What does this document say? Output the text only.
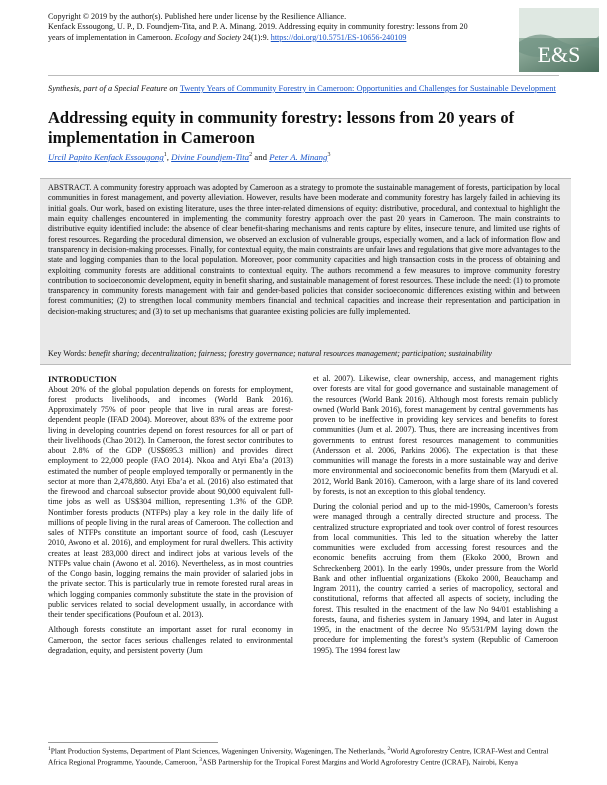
Copyright © 2019 by the author(s). Published here under license by the Resilience Alliance.
Kenfack Essougong, U. P., D. Foundjem-Tita, and P. A. Minang. 2019. Addressing equity in community forestry: lessons from 20
years of implementation in Cameroon. Ecology and Society 24(1):9. https://doi.org/10.5751/ES-10656-240109
E&S
Synthesis, part of a Special Feature on Twenty Years of Community Forestry in Cameroon: Opportunities and Challenges for Sustainable Development
Addressing equity in community forestry: lessons from 20 years of implementation in Cameroon
Urcil Papito Kenfack Essougong$^1$, Divine Foundjem-Tita$^2$ and Peter A. Minang$^3$

ABSTRACT. A community forestry approach was adopted by Cameroon as a strategy to promote the sustainable management of forests, participation by local communities in forest management, and poverty alleviation. However, results have been moderate and community forestry has largely failed in achieving its initial goals. Our work, based on existing literature, uses the three inter-related dimensions of equity: distributive, procedural, and contextual to highlight the main equity challenges encountered in implementing the community forestry approach over the past 20 years in Cameroon. The main constraints to distributive equity identified include: the absence of clear benefit-sharing mechanisms and rents capture by elites, insecure tenure, and limited use rights of forest resources. Regarding the procedural dimension, we observed an exclusion of vulnerable groups, especially women, and a lack of information flow and transparency in decision-making processes. Finally, for contextual equity, the main constraints are unfair laws and regulations that give more advantages to the state and logging companies than to the local population. Moreover, poor community capacities and high transaction costs in the process of obtaining and exploiting community forests are additional constraints to contextual equity. The authors recommend a few measures to improve community forestry contribution to socioeconomic development, equity in benefit sharing, and sustainable management of forest resources. These include the need: (1) to promote transparency in community forests management with fair and gender-based policies that consider socioeconomic differences existing within and between forest communities; (2) to strengthen local community members financial and technical capacities and increase their representation and participation in decision-making structures; and (3) to set up mechanisms that guarantee existing policies are fully implemented.

Key Words: benefit sharing; decentralization; fairness; forestry governance; natural resources management; participation; sustainability
INTRODUCTION

About 20% of the global population depends on forests for employment, forest products livelihoods, and incomes (World Bank 2016). Approximately 75% of poor people that live in rural areas are forest-dependent people (IFAD 2004). Moreover, about 83% of the extreme poor living in developing countries depend on forest resources for all or part of their livelihoods (Chao 2012). In Cameroon, the forest sector contributes to about 2.8% of the GDP (US$695.3 million) and provides direct employment to 22,000 people (FAO 2014). Nkoa and Atyi Eba’a (2013) estimated the number of people employed temporally or permanently in the sector at more than 2,478,880. Atyi Eba’a et al. (2016) also estimated that the firewood and charcoal subsector provide about 90,000 equivalent full-time jobs as well as US$304 million, representing 1.3% of the GDP. Nontimber forests products (NTFPs) play a key role in the daily life of millions of people living in the rural areas of Cameroon. The collection and sales of NTFPs constitute an important source of food, cash (Lescuyer 2010, Awono et al. 2016), and employment for rural dwellers. This activity creates at least 283,000 direct and indirect jobs at various levels of the NTFPs value chain (Awono et al. 2016). Nevertheless, as in most countries of the Congo basin, logging remains the main provider of salaried jobs in the private sector. This is particularly true in remote forested rural areas in which logging companies commonly substitute the state in the provision of public services related to social development usually, in accordance with their tender specifications (Poufoun et al. 2013).

Although forests constitute an important asset for rural economy in Cameroon, the sector faces serious challenges related to environmental degradation, equity, and persistent poverty (Jum

et al. 2007). Likewise, clear ownership, access, and management rights over forests are vital for good governance and sustainable management of the resources (World Bank 2016). Although most forests remain publicly owned (World Bank 2016), forest management by central governments has proven to be ineffective in providing key services and benefits to forest communities (Jum et al. 2007). Thus, there are increasing incentives from governments to entrust forest resources management to communities (Andersson et al. 2006, Parkins 2006). The expectation is that these communities will manage the forests in a more sustainable way and derive more environmental and socioeconomic benefits from them (Maryudi et al. 2012, World Bank 2016). Cameroon, with a large share of its land covered by forests, is not an exception to this global tendency.

During the colonial period and up to the mid-1990s, Cameroon’s forests were managed through a centrally directed structure and process. The centralized structure expropriated and took over control of forest resources from local communities. This led to the situation whereby the latter communities were excluded from accessing forest resources and the economic benefits accruing from them (Ekoko 2000, Brown and Schreckenberg 2001). In the early 1990s, under pressure from the World Bank and other influential organizations (Ekoko 2000, Beauchamp and Ingram 2011), the country carried a series of macropolicy, sectoral and constitutional, reforms that affected all aspects of society, including the forest. This resulted in the enactment of the law No 94/01 establishing a forests, fauna, and fisheries system in January 1994, and later in August 1995, in the enactment of the decree No 95/531/PM laying down the procedure for implementing the forest’s system (Republic of Cameroon 1995). The 1994 forest law

$^1$Plant Production Systems, Department of Plant Sciences, Wageningen University, Wageningen, The Netherlands, $^2$World Agroforestry Centre, ICRAF-West and Central Africa Regional Programme, Yaounde, Cameroon, $^3$ASB Partnership for the Tropical Forest Margins and World Agroforestry Centre (ICRAF), Nairobi, Kenya
